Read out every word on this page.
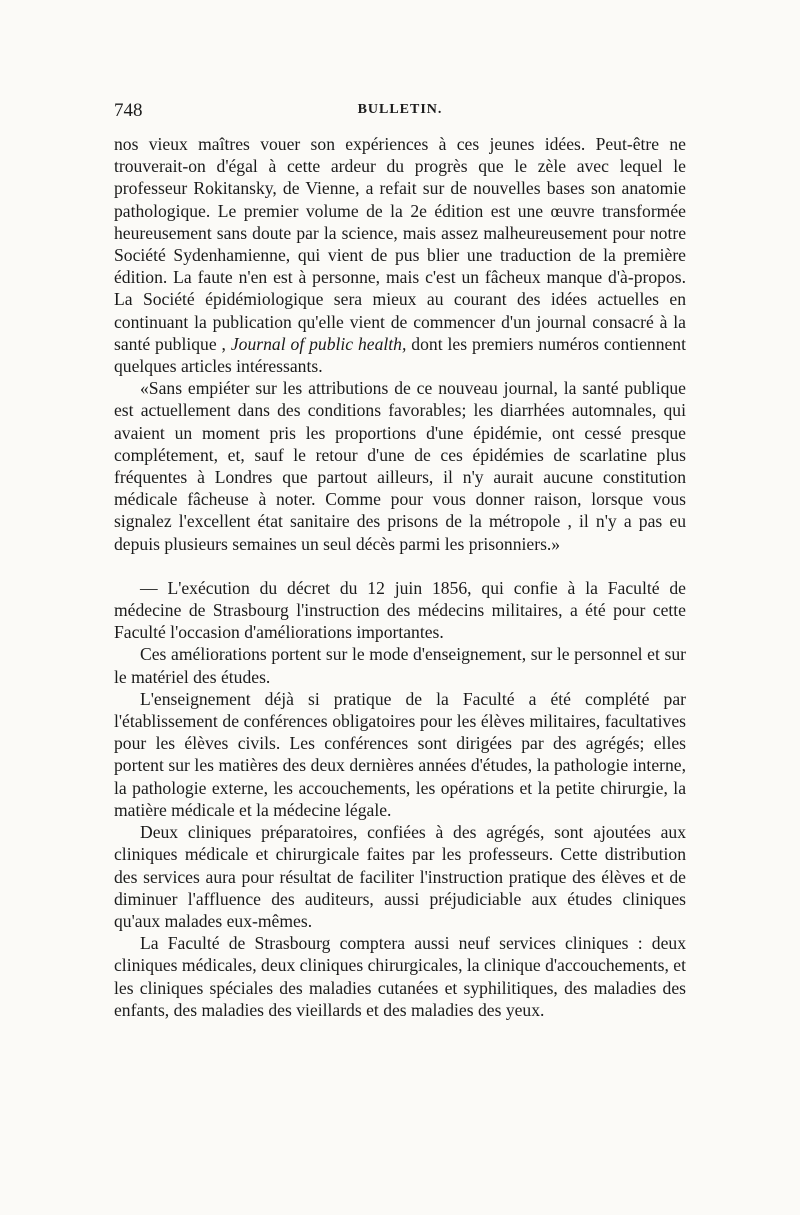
748	BULLETIN.

nos vieux maîtres vouer son expériences à ces jeunes idées. Peut-être ne trouverait-on d'égal à cette ardeur du progrès que le zèle avec lequel le professeur Rokitansky, de Vienne, a refait sur de nouvelles bases son anatomie pathologique. Le premier volume de la 2e édition est une œuvre transformée heureusement sans doute par la science, mais assez malheureusement pour notre Société Sydenhamienne, qui vient de pus blier une traduction de la première édition. La faute n'en est à personne, mais c'est un fâcheux manque d'à-propos. La Société épidémiologique sera mieux au courant des idées actuelles en continuant la publication qu'elle vient de commencer d'un journal consacré à la santé publique , Journal of public health, dont les premiers numéros contiennent quelques articles intéressants.

«Sans empiéter sur les attributions de ce nouveau journal, la santé publique est actuellement dans des conditions favorables; les diarrhées automnales, qui avaient un moment pris les proportions d'une épidémie, ont cessé presque complétement, et, sauf le retour d'une de ces épidémies de scarlatine plus fréquentes à Londres que partout ailleurs, il n'y aurait aucune constitution médicale fâcheuse à noter. Comme pour vous donner raison, lorsque vous signalez l'excellent état sanitaire des prisons de la métropole , il n'y a pas eu depuis plusieurs semaines un seul décès parmi les prisonniers.»

— L'exécution du décret du 12 juin 1856, qui confie à la Faculté de médecine de Strasbourg l'instruction des médecins militaires, a été pour cette Faculté l'occasion d'améliorations importantes.

Ces améliorations portent sur le mode d'enseignement, sur le personnel et sur le matériel des études.

L'enseignement déjà si pratique de la Faculté a été complété par l'établissement de conférences obligatoires pour les élèves militaires, facultatives pour les élèves civils. Les conférences sont dirigées par des agrégés; elles portent sur les matières des deux dernières années d'études, la pathologie interne, la pathologie externe, les accouchements, les opérations et la petite chirurgie, la matière médicale et la médecine légale.

Deux cliniques préparatoires, confiées à des agrégés, sont ajoutées aux cliniques médicale et chirurgicale faites par les professeurs. Cette distribution des services aura pour résultat de faciliter l'instruction pratique des élèves et de diminuer l'affluence des auditeurs, aussi préjudiciable aux études cliniques qu'aux malades eux-mêmes.

La Faculté de Strasbourg comptera aussi neuf services cliniques : deux cliniques médicales, deux cliniques chirurgicales, la clinique d'accouchements, et les cliniques spéciales des maladies cutanées et syphilitiques, des maladies des enfants, des maladies des vieillards et des maladies des yeux.
